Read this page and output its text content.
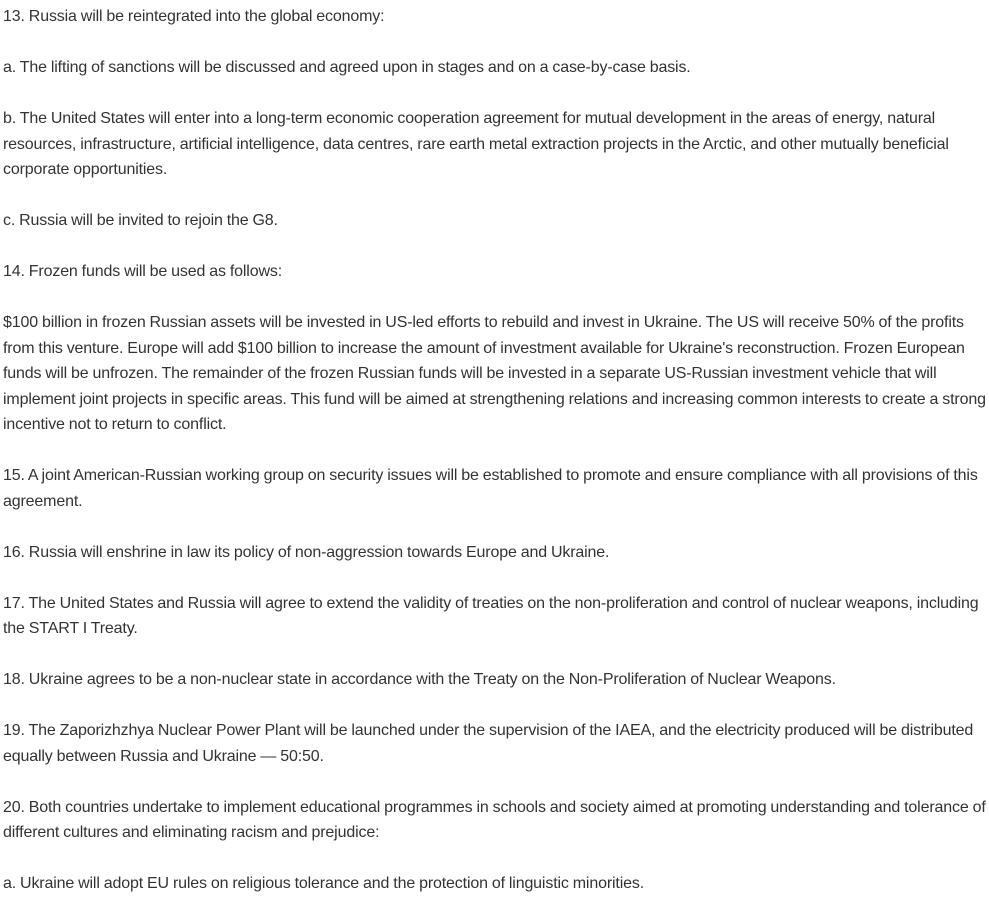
13. Russia will be reintegrated into the global economy:

a. The lifting of sanctions will be discussed and agreed upon in stages and on a case-by-case basis.

b. The United States will enter into a long-term economic cooperation agreement for mutual development in the areas of energy, natural resources, infrastructure, artificial intelligence, data centres, rare earth metal extraction projects in the Arctic, and other mutually beneficial corporate opportunities.

c. Russia will be invited to rejoin the G8.

14. Frozen funds will be used as follows:

$100 billion in frozen Russian assets will be invested in US-led efforts to rebuild and invest in Ukraine. The US will receive 50% of the profits from this venture. Europe will add $100 billion to increase the amount of investment available for Ukraine's reconstruction. Frozen European funds will be unfrozen. The remainder of the frozen Russian funds will be invested in a separate US-Russian investment vehicle that will implement joint projects in specific areas. This fund will be aimed at strengthening relations and increasing common interests to create a strong incentive not to return to conflict.

15. A joint American-Russian working group on security issues will be established to promote and ensure compliance with all provisions of this agreement.

16. Russia will enshrine in law its policy of non-aggression towards Europe and Ukraine.

17. The United States and Russia will agree to extend the validity of treaties on the non-proliferation and control of nuclear weapons, including the START I Treaty.

18. Ukraine agrees to be a non-nuclear state in accordance with the Treaty on the Non-Proliferation of Nuclear Weapons.

19. The Zaporizhzhya Nuclear Power Plant will be launched under the supervision of the IAEA, and the electricity produced will be distributed equally between Russia and Ukraine — 50:50.

20. Both countries undertake to implement educational programmes in schools and society aimed at promoting understanding and tolerance of different cultures and eliminating racism and prejudice:

a. Ukraine will adopt EU rules on religious tolerance and the protection of linguistic minorities.
